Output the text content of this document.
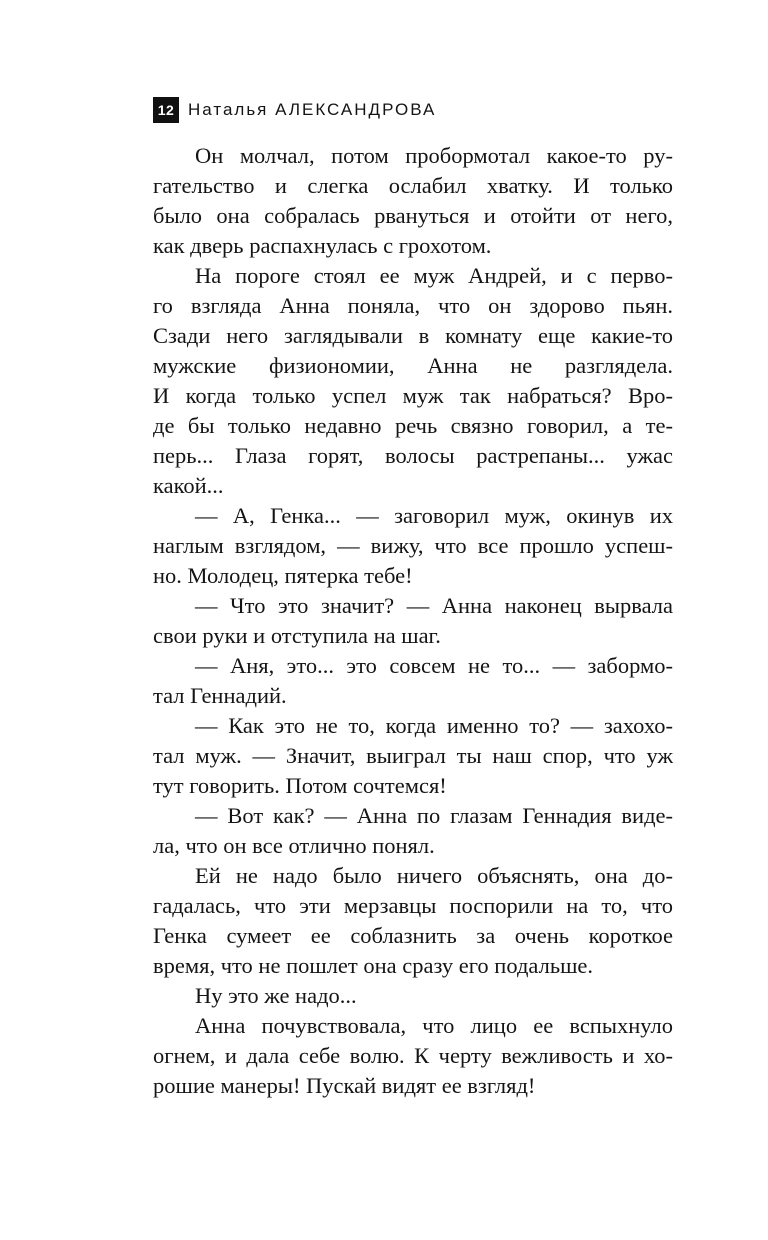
12 Наталья АЛЕКСАНДРОВА
Он молчал, потом пробормотал какое-то ру-
гательство и слегка ослабил хватку. И только
было она собралась рвануться и отойти от него,
как дверь распахнулась с грохотом.
На пороге стоял ее муж Андрей, и с перво-
го взгляда Анна поняла, что он здорово пьян.
Сзади него заглядывали в комнату еще какие-то
мужские физиономии, Анна не разглядела.
И когда только успел муж так набраться? Вро-
де бы только недавно речь связно говорил, а те-
перь... Глаза горят, волосы растрепаны... ужас
какой...
— А, Генка... — заговорил муж, окинув их
наглым взглядом, — вижу, что все прошло успеш-
но. Молодец, пятерка тебе!
— Что это значит? — Анна наконец вырвала
свои руки и отступила на шаг.
— Аня, это... это совсем не то... — забормо-
тал Геннадий.
— Как это не то, когда именно то? — захохо-
тал муж. — Значит, выиграл ты наш спор, что уж
тут говорить. Потом сочтемся!
— Вот как? — Анна по глазам Геннадия виде-
ла, что он все отлично понял.
Ей не надо было ничего объяснять, она до-
гадалась, что эти мерзавцы поспорили на то, что
Генка сумеет ее соблазнить за очень короткое
время, что не пошлет она сразу его подальше.
Ну это же надо...
Анна почувствовала, что лицо ее вспыхнуло
огнем, и дала себе волю. К черту вежливость и хо-
рошие манеры! Пускай видят ее взгляд!
